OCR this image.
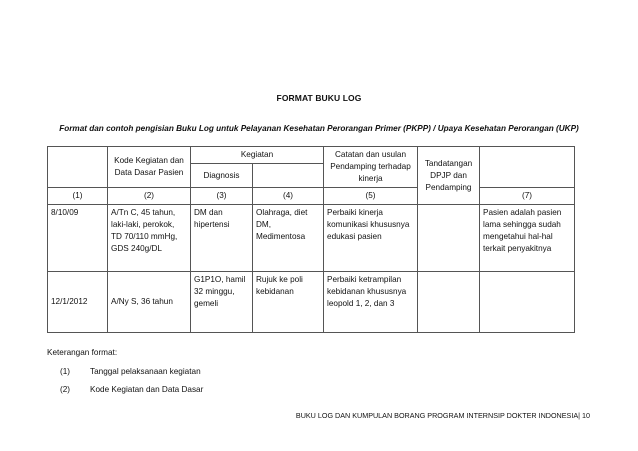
FORMAT BUKU LOG
Format dan contoh pengisian Buku Log untuk Pelayanan Kesehatan Perorangan Primer (PKPP) / Upaya Kesehatan Perorangan (UKP)
	Kode Kegiatan dan Data Dasar Pasien	Kegiatan		Catatan dan usulan Pendamping terhadap kinerja	Tandatangan DPJP dan Pendamping	
		Diagnosis				
(1)	(2)	(3)	(4)	(5)		(7)
8/10/09	A/Tn C, 45 tahun, laki-laki, perokok, TD 70/110 mmHg, GDS 240g/DL	DM dan hipertensi	Olahraga, diet DM, Medimentosa	Perbaiki kinerja komunikasi khususnya edukasi pasien		Pasien adalah pasien lama sehingga sudah mengetahui hal-hal terkait penyakitnya
12/1/2012	A/Ny S, 36 tahun	G1P1O, hamil 32 minggu, gemeli	Rujuk ke poli kebidanan	Perbaiki ketrampilan kebidanan khususnya leopold 1, 2, dan 3		
Keterangan format:
(1) Tanggal pelaksanaan kegiatan
(2) Kode Kegiatan dan Data Dasar
BUKU LOG DAN KUMPULAN BORANG PROGRAM INTERNSIP DOKTER INDONESIA| 10
